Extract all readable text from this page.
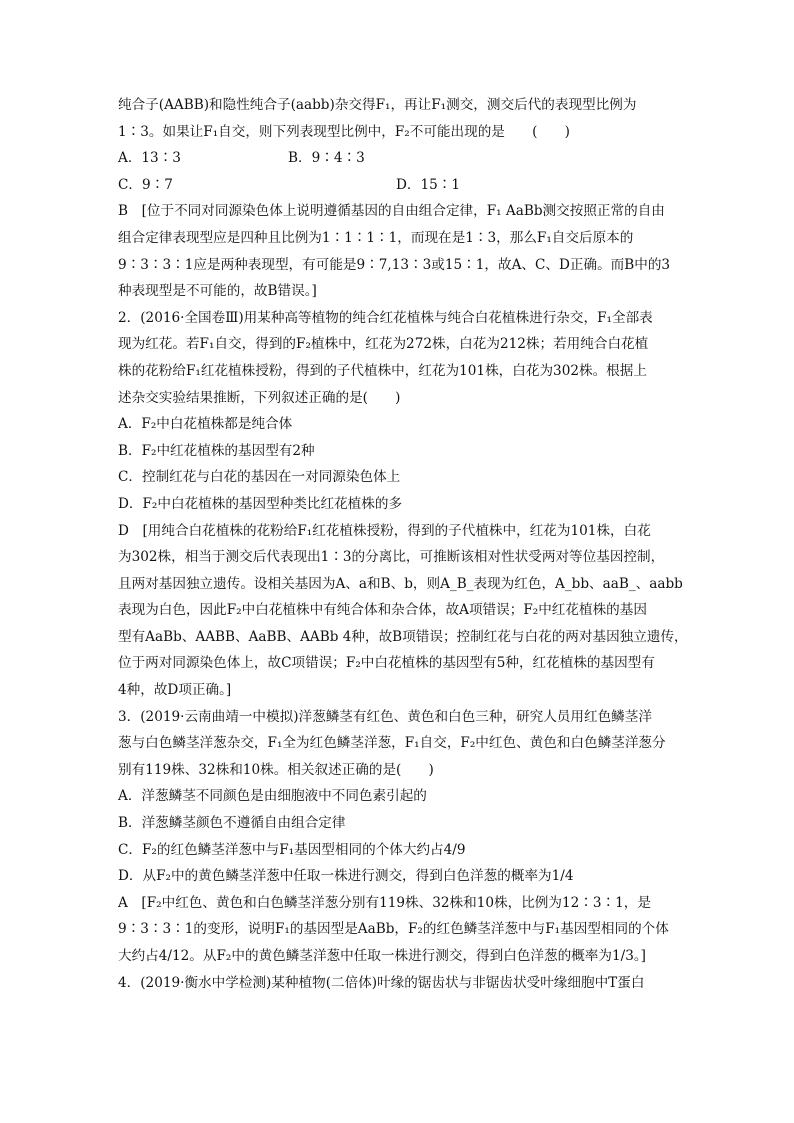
纯合子(AABB)和隐性纯合子(aabb)杂交得F₁，再让F₁测交，测交后代的表现型比例为
1∶3。如果让F₁自交，则下列表现型比例中，F₂不可能出现的是　　(　　)
A．13∶3	B．9∶4∶3
C．9∶7	D．15∶1
B　[位于不同对同源染色体上说明遵循基因的自由组合定律，F₁ AaBb测交按照正常的自由
组合定律表现型应是四种且比例为1∶1∶1∶1，而现在是1∶3，那么F₁自交后原本的
9∶3∶3∶1应是两种表现型，有可能是9∶7,13∶3或15∶1，故A、C、D正确。而B中的3
种表现型是不可能的，故B错误。]
2．(2016·全国卷Ⅲ)用某种高等植物的纯合红花植株与纯合白花植株进行杂交，F₁全部表
现为红花。若F₁自交，得到的F₂植株中，红花为272株，白花为212株；若用纯合白花植
株的花粉给F₁红花植株授粉，得到的子代植株中，红花为101株，白花为302株。根据上
述杂交实验结果推断，下列叙述正确的是(　　)
A．F₂中白花植株都是纯合体
B．F₂中红花植株的基因型有2种
C．控制红花与白花的基因在一对同源染色体上
D．F₂中白花植株的基因型种类比红花植株的多
D　[用纯合白花植株的花粉给F₁红花植株授粉，得到的子代植株中，红花为101株，白花
为302株，相当于测交后代表现出1∶3的分离比，可推断该相对性状受两对等位基因控制，
且两对基因独立遗传。设相关基因为A、a和B、b，则A_B_表现为红色，A_bb、aaB_、aabb
表现为白色，因此F₂中白花植株中有纯合体和杂合体，故A项错误；F₂中红花植株的基因
型有AaBb、AABB、AaBB、AABb 4种，故B项错误；控制红花与白花的两对基因独立遗传，
位于两对同源染色体上，故C项错误；F₂中白花植株的基因型有5种，红花植株的基因型有
4种，故D项正确。]
3．(2019·云南曲靖一中模拟)洋葱鳞茎有红色、黄色和白色三种，研究人员用红色鳞茎洋
葱与白色鳞茎洋葱杂交，F₁全为红色鳞茎洋葱，F₁自交，F₂中红色、黄色和白色鳞茎洋葱分
别有119株、32株和10株。相关叙述正确的是(　　)
A．洋葱鳞茎不同颜色是由细胞液中不同色素引起的
B．洋葱鳞茎颜色不遵循自由组合定律
C．F₂的红色鳞茎洋葱中与F₁基因型相同的个体大约占4/9
D．从F₂中的黄色鳞茎洋葱中任取一株进行测交，得到白色洋葱的概率为1/4
A　[F₂中红色、黄色和白色鳞茎洋葱分别有119株、32株和10株，比例为12∶3∶1，是
9∶3∶3∶1的变形，说明F₁的基因型是AaBb，F₂的红色鳞茎洋葱中与F₁基因型相同的个体
大约占4/12。从F₂中的黄色鳞茎洋葱中任取一株进行测交，得到白色洋葱的概率为1/3。]
4．(2019·衡水中学检测)某种植物(二倍体)叶缘的锯齿状与非锯齿状受叶缘细胞中T蛋白
